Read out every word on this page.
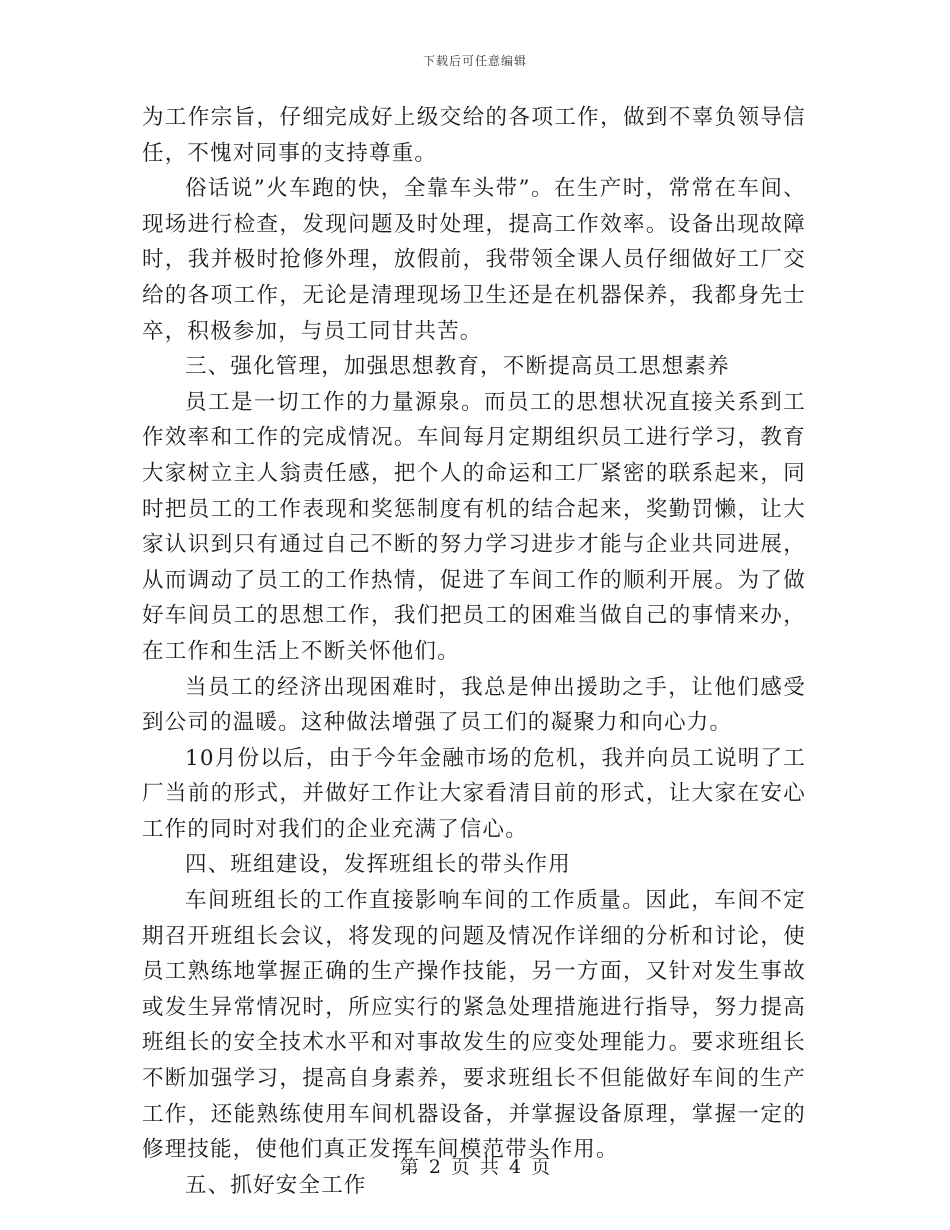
下载后可任意编辑

为工作宗旨，仔细完成好上级交给的各项工作，做到不辜负领导信任，不愧对同事的支持尊重。

俗话说”火车跑的快，全靠车头带”。在生产时，常常在车间、现场进行检查，发现问题及时处理，提高工作效率。设备出现故障时，我并极时抢修外理，放假前，我带领全课人员仔细做好工厂交给的各项工作，无论是清理现场卫生还是在机器保养，我都身先士卒，积极参加，与员工同甘共苦。

三、强化管理，加强思想教育，不断提高员工思想素养

员工是一切工作的力量源泉。而员工的思想状况直接关系到工作效率和工作的完成情况。车间每月定期组织员工进行学习，教育大家树立主人翁责任感，把个人的命运和工厂紧密的联系起来，同时把员工的工作表现和奖惩制度有机的结合起来，奖勤罚懒，让大家认识到只有通过自己不断的努力学习进步才能与企业共同进展，从而调动了员工的工作热情，促进了车间工作的顺利开展。为了做好车间员工的思想工作，我们把员工的困难当做自己的事情来办，在工作和生活上不断关怀他们。

当员工的经济出现困难时，我总是伸出援助之手，让他们感受到公司的温暖。这种做法增强了员工们的凝聚力和向心力。

10月份以后，由于今年金融市场的危机，我并向员工说明了工厂当前的形式，并做好工作让大家看清目前的形式，让大家在安心工作的同时对我们的企业充满了信心。

四、班组建设，发挥班组长的带头作用

车间班组长的工作直接影响车间的工作质量。因此，车间不定期召开班组长会议，将发现的问题及情况作详细的分析和讨论，使员工熟练地掌握正确的生产操作技能，另一方面，又针对发生事故或发生异常情况时，所应实行的紧急处理措施进行指导，努力提高班组长的安全技术水平和对事故发生的应变处理能力。要求班组长不断加强学习，提高自身素养，要求班组长不但能做好车间的生产工作，还能熟练使用车间机器设备，并掌握设备原理，掌握一定的修理技能，使他们真正发挥车间模范带头作用。

五、抓好安全工作

第 2 页 共 4 页
